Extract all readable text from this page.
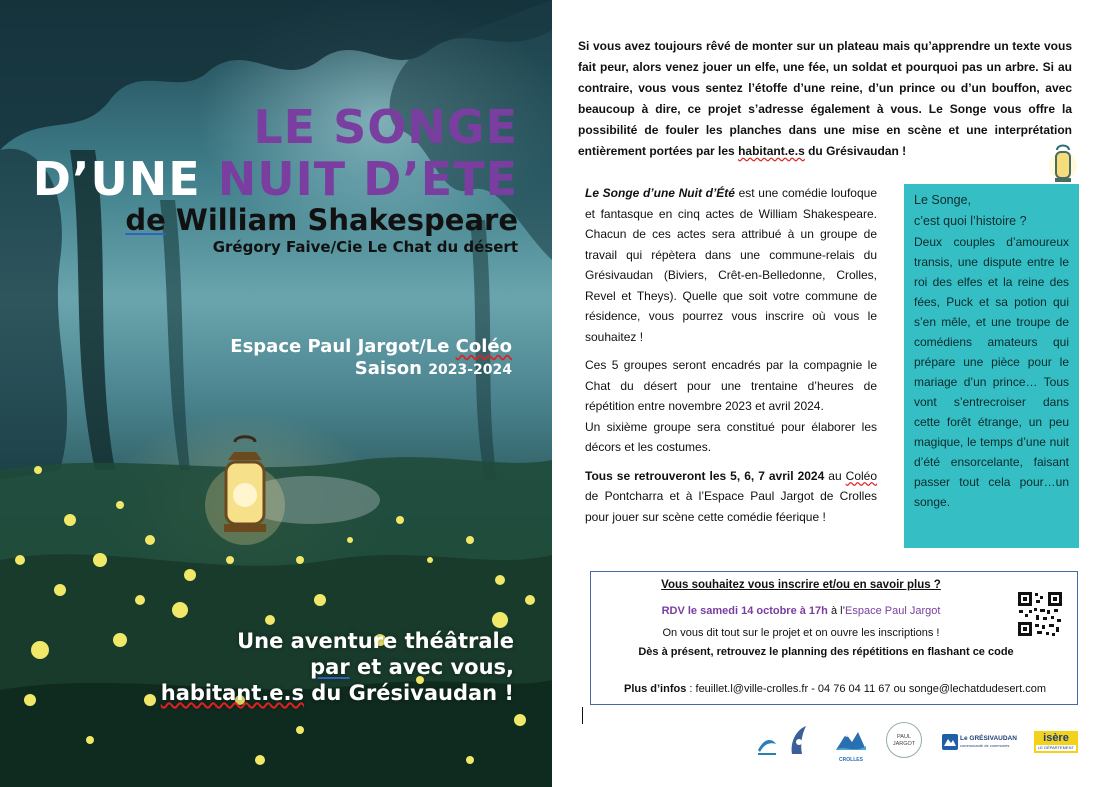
LE SONGE
D’UNE NUIT D’ETE
de William Shakespeare
Grégory Faive/Cie Le Chat du désert
Espace Paul Jargot/Le Coléo
Saison 2023-2024
Une aventure théâtrale
par et avec vous,
habitant.e.s du Grésivaudan !

Si vous avez toujours rêvé de monter sur un plateau mais qu’apprendre un texte vous fait peur, alors venez jouer un elfe, une fée, un soldat et pourquoi pas un arbre. Si au contraire, vous vous sentez l’étoffe d’une reine, d’un prince ou d’un bouffon, avec beaucoup à dire, ce projet s’adresse également à vous. Le Songe vous offre la possibilité de fouler les planches dans une mise en scène et une interprétation entièrement portées par les habitant.e.s du Grésivaudan !

Le Songe d’une Nuit d’Été est une comédie loufoque et fantasque en cinq actes de William Shakespeare. Chacun de ces actes sera attribué à un groupe de travail qui répètera dans une commune-relais du Grésivaudan (Biviers, Crêt-en-Belledonne, Crolles, Revel et Theys). Quelle que soit votre commune de résidence, vous pourrez vous inscrire où vous le souhaitez !

Ces 5 groupes seront encadrés par la compagnie le Chat du désert pour une trentaine d’heures de répétition entre novembre 2023 et avril 2024.

Un sixième groupe sera constitué pour élaborer les décors et les costumes.

Tous se retrouveront les 5, 6, 7 avril 2024 au Coléo de Pontcharra et à l’Espace Paul Jargot de Crolles pour jouer sur scène cette comédie féerique !

Le Songe,
c’est quoi l’histoire ?

Deux couples d’amoureux transis, une dispute entre le roi des elfes et la reine des fées, Puck et sa potion qui s’en mêle, et une troupe de comédiens amateurs qui prépare une pièce pour le mariage d’un prince… Tous vont s’entrecroiser dans cette forêt étrange, un peu magique, le temps d’une nuit d’été ensorcelante, faisant passer tout cela pour…un songe.

Vous souhaitez vous inscrire et/ou en savoir plus ?
RDV le samedi 14 octobre à 17h à l’Espace Paul Jargot
On vous dit tout sur le projet et on ouvre les inscriptions !
Dès à présent, retrouvez le planning des répétitions en flashant ce code
Plus d’infos : feuillet.l@ville-crolles.fr - 04 76 04 11 67 ou songe@lechatdudesert.com
CROLLES
PAUL
JARGOT
Le GRÉSIVAUDAN
communauté de communes
isère
LE DÉPARTEMENT
